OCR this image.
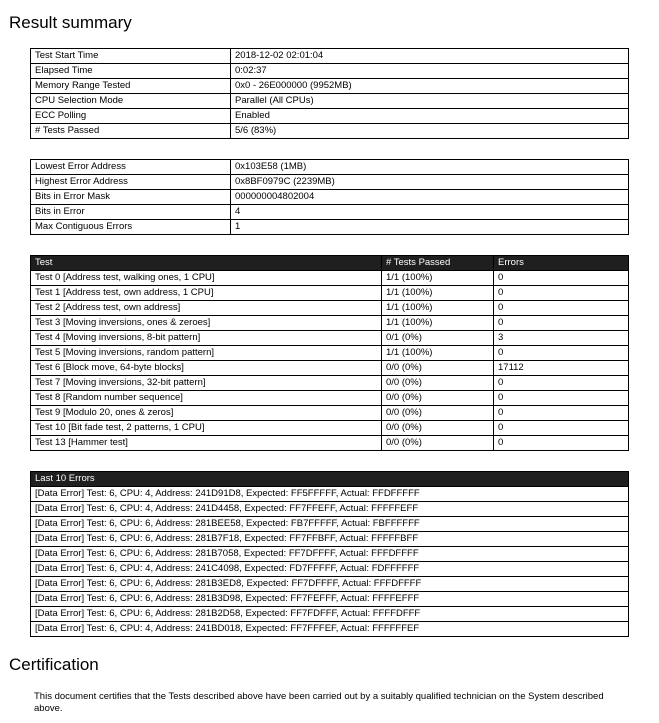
Result summary
Test Start Time	2018-12-02 02:01:04
Elapsed Time	0:02:37
Memory Range Tested	0x0 - 26E000000 (9952MB)
CPU Selection Mode	Parallel (All CPUs)
ECC Polling	Enabled
# Tests Passed	5/6 (83%)
Lowest Error Address	0x103E58 (1MB)
Highest Error Address	0x8BF0979C (2239MB)
Bits in Error Mask	000000004802004
Bits in Error	4
Max Contiguous Errors	1
Test	# Tests Passed	Errors
Test 0 [Address test, walking ones, 1 CPU]	1/1 (100%)	0
Test 1 [Address test, own address, 1 CPU]	1/1 (100%)	0
Test 2 [Address test, own address]	1/1 (100%)	0
Test 3 [Moving inversions, ones & zeroes]	1/1 (100%)	0
Test 4 [Moving inversions, 8-bit pattern]	0/1 (0%)	3
Test 5 [Moving inversions, random pattern]	1/1 (100%)	0
Test 6 [Block move, 64-byte blocks]	0/0 (0%)	17112
Test 7 [Moving inversions, 32-bit pattern]	0/0 (0%)	0
Test 8 [Random number sequence]	0/0 (0%)	0
Test 9 [Modulo 20, ones & zeros]	0/0 (0%)	0
Test 10 [Bit fade test, 2 patterns, 1 CPU]	0/0 (0%)	0
Test 13 [Hammer test]	0/0 (0%)	0
Last 10 Errors
[Data Error] Test: 6, CPU: 4, Address: 241D91D8, Expected: FF5FFFFF, Actual: FFDFFFFF
[Data Error] Test: 6, CPU: 4, Address: 241D4458, Expected: FF7FFEFF, Actual: FFFFFEFF
[Data Error] Test: 6, CPU: 6, Address: 281BEE58, Expected: FB7FFFFF, Actual: FBFFFFFF
[Data Error] Test: 6, CPU: 6, Address: 281B7F18, Expected: FF7FFBFF, Actual: FFFFFBFF
[Data Error] Test: 6, CPU: 6, Address: 281B7058, Expected: FF7DFFFF, Actual: FFFDFFFF
[Data Error] Test: 6, CPU: 4, Address: 241C4098, Expected: FD7FFFFF, Actual: FDFFFFFF
[Data Error] Test: 6, CPU: 6, Address: 281B3ED8, Expected: FF7DFFFF, Actual: FFFDFFFF
[Data Error] Test: 6, CPU: 6, Address: 281B3D98, Expected: FF7FEFFF, Actual: FFFFEFFF
[Data Error] Test: 6, CPU: 6, Address: 281B2D58, Expected: FF7FDFFF, Actual: FFFFDFFF
[Data Error] Test: 6, CPU: 4, Address: 241BD018, Expected: FF7FFFEF, Actual: FFFFFFEF
Certification

This document certifies that the Tests described above have been carried out by a suitably qualified technician on the System described above.
